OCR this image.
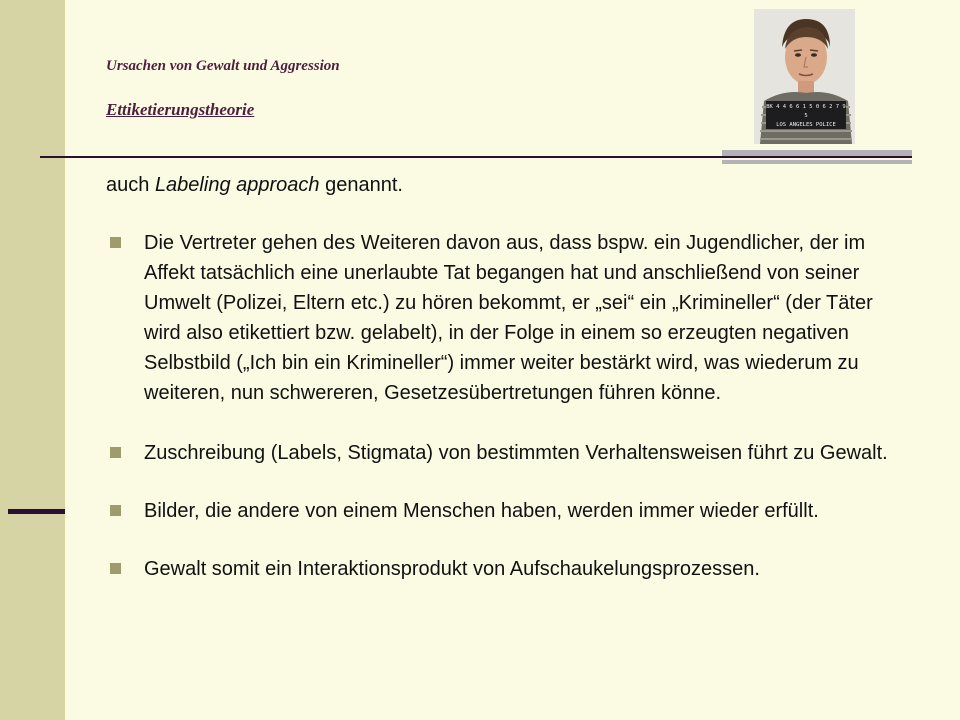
Ursachen von Gewalt und Aggression

Ettiketierungstheorie	BK 4 4 6 6 1 5 0 6 2 7 9 5
LOS ANGELES POLICE

auch Labeling approach genannt.

Die Vertreter gehen des Weiteren davon aus, dass bspw. ein Jugendlicher, der im Affekt tatsächlich eine unerlaubte Tat begangen hat und anschließend von seiner Umwelt (Polizei, Eltern etc.) zu hören bekommt, er „sei“ ein „Krimineller“ (der Täter wird also etikettiert bzw. gelabelt), in der Folge in einem so erzeugten negativen Selbstbild („Ich bin ein Krimineller“) immer weiter bestärkt wird, was wiederum zu weiteren, nun schwereren, Gesetzesübertretungen führen könne.
Zuschreibung (Labels, Stigmata) von bestimmten Verhaltensweisen führt zu Gewalt.
Bilder, die andere von einem Menschen haben, werden immer wieder erfüllt.
Gewalt somit ein Interaktionsprodukt von Aufschaukelungsprozessen.
